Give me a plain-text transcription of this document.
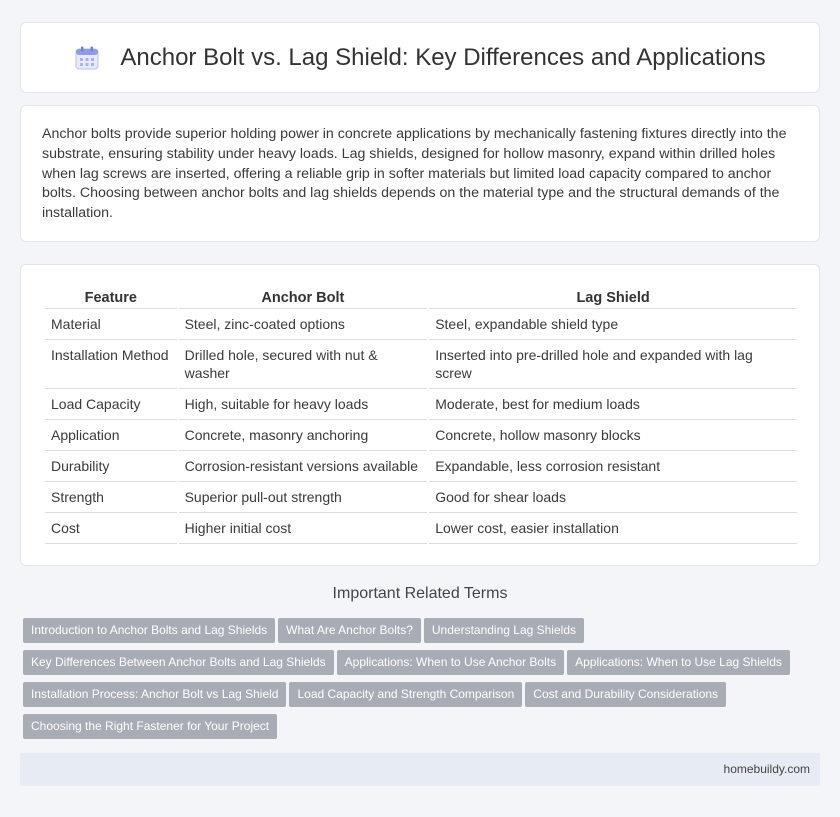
Anchor Bolt vs. Lag Shield: Key Differences and Applications

Anchor bolts provide superior holding power in concrete applications by mechanically fastening fixtures directly into the substrate, ensuring stability under heavy loads. Lag shields, designed for hollow masonry, expand within drilled holes when lag screws are inserted, offering a reliable grip in softer materials but limited load capacity compared to anchor bolts. Choosing between anchor bolts and lag shields depends on the material type and the structural demands of the installation.

Feature	Anchor Bolt	Lag Shield
Material	Steel, zinc-coated options	Steel, expandable shield type
Installation Method	Drilled hole, secured with nut & washer	Inserted into pre-drilled hole and expanded with lag screw
Load Capacity	High, suitable for heavy loads	Moderate, best for medium loads
Application	Concrete, masonry anchoring	Concrete, hollow masonry blocks
Durability	Corrosion-resistant versions available	Expandable, less corrosion resistant
Strength	Superior pull-out strength	Good for shear loads
Cost	Higher initial cost	Lower cost, easier installation
Important Related Terms
Introduction to Anchor Bolts and Lag Shields What Are Anchor Bolts? Understanding Lag Shields
Key Differences Between Anchor Bolts and Lag Shields Applications: When to Use Anchor Bolts Applications: When to Use Lag Shields
Installation Process: Anchor Bolt vs Lag Shield Load Capacity and Strength Comparison Cost and Durability Considerations
Choosing the Right Fastener for Your Project
homebuildy.com
